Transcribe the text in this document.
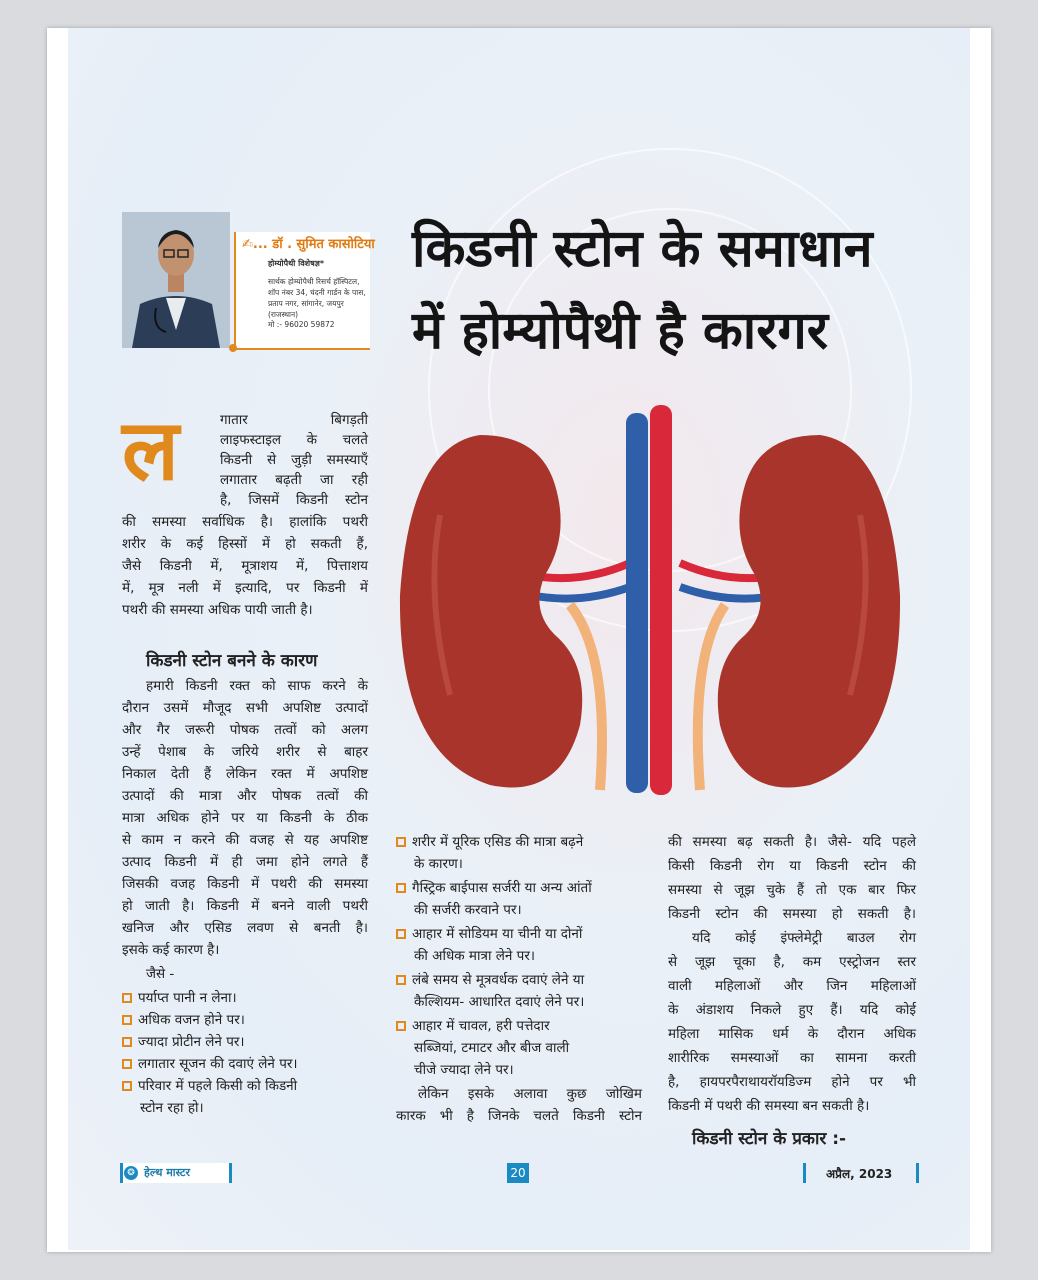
✍... डॉ . सुमित कासोटिया
होम्योपैथी विशेषज्ञ*
सार्थक होम्योपैथी रिसर्च हॉस्पिटल, शॉप नंबर 34, चंदनी गार्डन के पास, प्रताप नगर, सांगानेर, जयपुर (राजस्थान)
मो :- 96020 59872
किडनी स्टोन के समाधान
में होम्योपैथी है कारगर
ल	गातार बिगड़ती
लाइफस्टाइल के चलते
किडनी से जुड़ी समस्याएँ
लगातार बढ़ती जा रही
है, जिसमें किडनी स्टोन
की समस्या सर्वाधिक है। हालांकि पथरी
शरीर के कई हिस्सों में हो सकती हैं,
जैसे किडनी में, मूत्राशय में, पित्ताशय
में, मूत्र नली में इत्यादि, पर किडनी में
पथरी की समस्या अधिक पायी जाती है।
किडनी स्टोन बनने के कारण
हमारी किडनी रक्त को साफ करने के
दौरान उसमें मौजूद सभी अपशिष्ट उत्पादों
और गैर जरूरी पोषक तत्वों को अलग
उन्हें पेशाब के जरिये शरीर से बाहर
निकाल देती हैं लेकिन रक्त में अपशिष्ट
उत्पादों की मात्रा और पोषक तत्वों की
मात्रा अधिक होने पर या किडनी के ठीक
से काम न करने की वजह से यह अपशिष्ट
उत्पाद किडनी में ही जमा होने लगते हैं
जिसकी वजह किडनी में पथरी की समस्या
हो जाती है। किडनी में बनने वाली पथरी
खनिज और एसिड लवण से बनती है।
इसके कई कारण है।
जैसे -
पर्याप्त पानी न लेना।
अधिक वजन होने पर।
ज्यादा प्रोटीन लेने पर।
लगातार सूजन की दवाएं लेने पर।
परिवार में पहले किसी को किडनी
स्टोन रहा हो।
शरीर में यूरिक एसिड की मात्रा बढ़ने
के कारण।
गैस्ट्रिक बाईपास सर्जरी या अन्य आंतों
की सर्जरी करवाने पर।
आहार में सोडियम या चीनी या दोनों
की अधिक मात्रा लेने पर।
लंबे समय से मूत्रवर्धक दवाएं लेने या
कैल्शियम- आधारित दवाएं लेने पर।
आहार में चावल, हरी पत्तेदार
सब्जियां, टमाटर और बीज वाली
चीजे ज्यादा लेने पर।
लेकिन इसके अलावा कुछ जोखिम
कारक भी है जिनके चलते किडनी स्टोन
की समस्या बढ़ सकती है। जैसे- यदि पहले
किसी किडनी रोग या किडनी स्टोन की
समस्या से जूझ चुके हैं तो एक बार फिर
किडनी स्टोन की समस्या हो सकती है।
यदि कोई इंफ्लेमेट्री बाउल रोग
से जूझ चूका है, कम एस्ट्रोजन स्तर
वाली महिलाओं और जिन महिलाओं
के अंडाशय निकले हुए हैं। यदि कोई
महिला मासिक धर्म के दौरान अधिक
शारीरिक समस्याओं का सामना करती
है, हायपरपैराथायरॉयडिज्म होने पर भी
किडनी में पथरी की समस्या बन सकती है।
किडनी स्टोन के प्रकार :-
❂ हेल्थ मास्टर	20	अप्रैल, 2023
